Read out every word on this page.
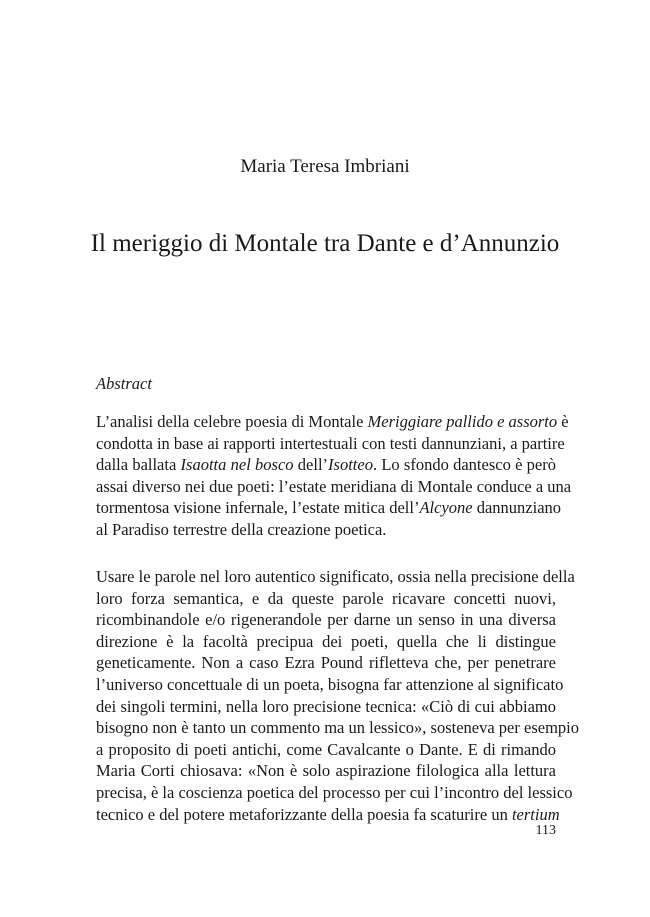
Maria Teresa Imbriani
Il meriggio di Montale tra Dante e d’Annunzio
Abstract
L’analisi della celebre poesia di Montale Meriggiare pallido e assorto è
condotta in base ai rapporti intertestuali con testi dannunziani, a partire
dalla ballata Isaotta nel bosco dell’Isotteo. Lo sfondo dantesco è però
assai diverso nei due poeti: l’estate meridiana di Montale conduce a una
tormentosa visione infernale, l’estate mitica dell’Alcyone dannunziano
al Paradiso terrestre della creazione poetica.
Usare le parole nel loro autentico significato, ossia nella precisione della
loro forza semantica, e da queste parole ricavare concetti nuovi,
ricombinandole e/o rigenerandole per darne un senso in una diversa
direzione è la facoltà precipua dei poeti, quella che li distingue
geneticamente. Non a caso Ezra Pound rifletteva che, per penetrare
l’universo concettuale di un poeta, bisogna far attenzione al significato
dei singoli termini, nella loro precisione tecnica: «Ciò di cui abbiamo
bisogno non è tanto un commento ma un lessico», sosteneva per esempio
a proposito di poeti antichi, come Cavalcante o Dante. E di rimando
Maria Corti chiosava: «Non è solo aspirazione filologica alla lettura
precisa, è la coscienza poetica del processo per cui l’incontro del lessico
tecnico e del potere metaforizzante della poesia fa scaturire un tertium
113
